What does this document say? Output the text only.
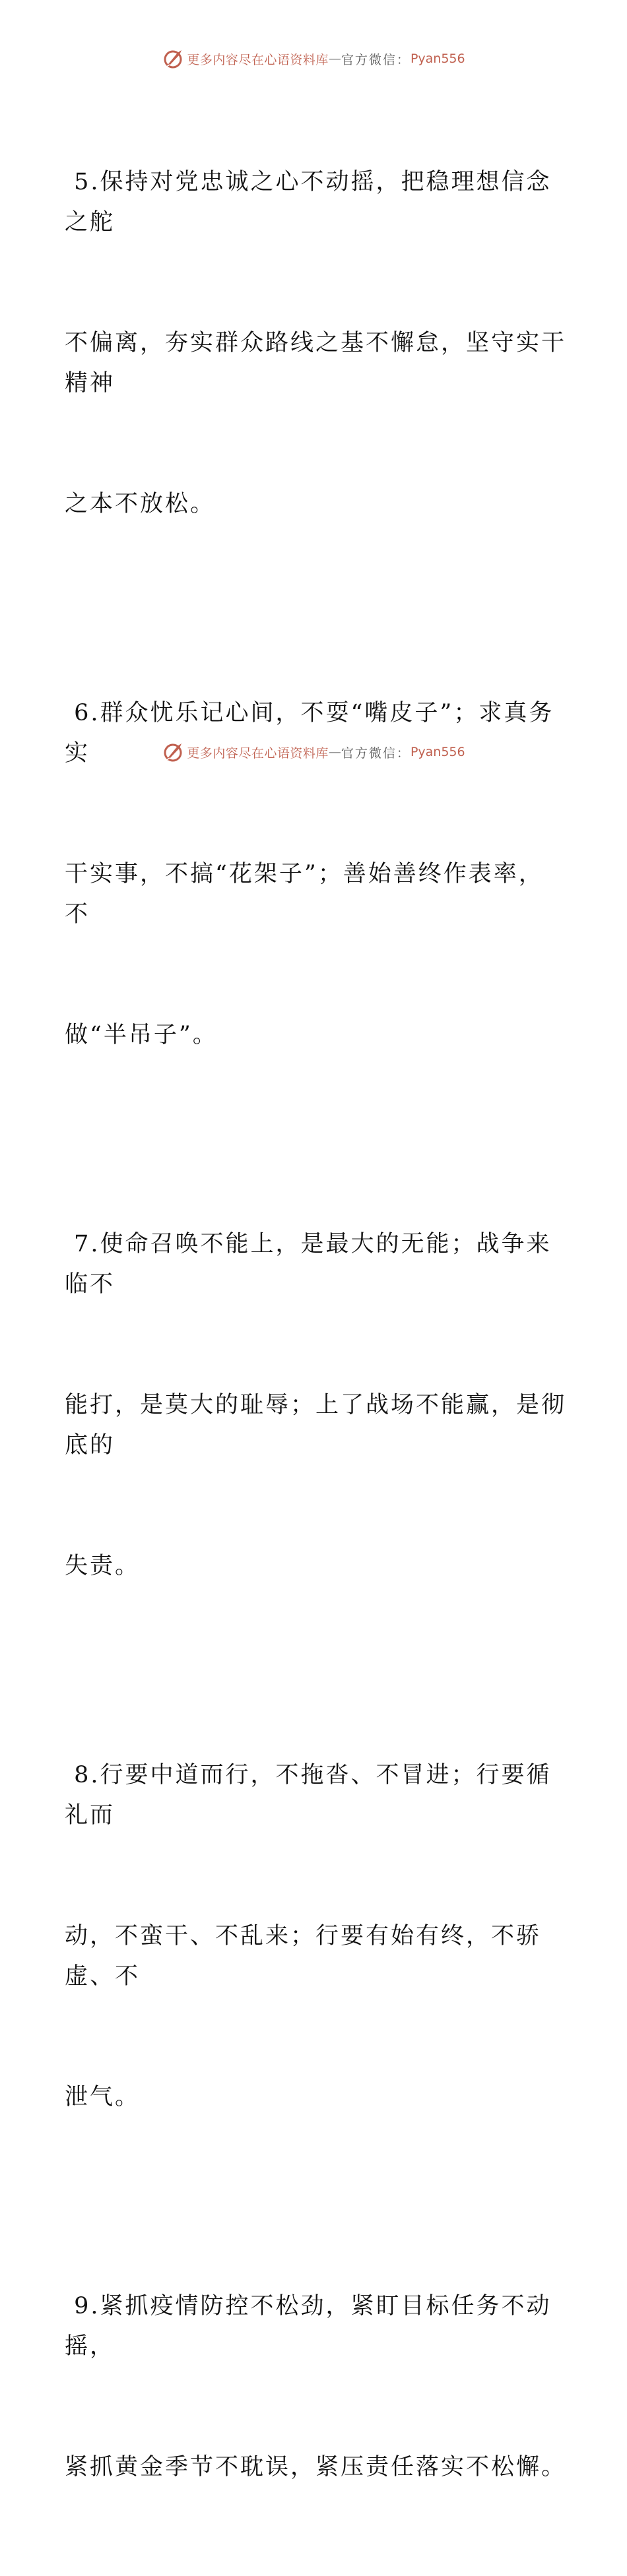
更多内容尽在心语资料库 — 官方微信： Pyan556

5.保持对党忠诚之心不动摇，把稳理想信念之舵

不偏离，夯实群众路线之基不懈怠，坚守实干精神

之本不放松。

6.群众忧乐记心间，不耍“嘴皮子”；求真务实

干实事，不搞“花架子”；善始善终作表率，不

做“半吊子”。

7.使命召唤不能上，是最大的无能；战争来临不

能打，是莫大的耻辱；上了战场不能赢，是彻底的

失责。

8.行要中道而行，不拖沓、不冒进；行要循礼而

动，不蛮干、不乱来；行要有始有终，不骄虚、不

泄气。

9.紧抓疫情防控不松劲，紧盯目标任务不动摇，

紧抓黄金季节不耽误，紧压责任落实不松懈。

更多内容尽在心语资料库 — 官方微信： Pyan556
